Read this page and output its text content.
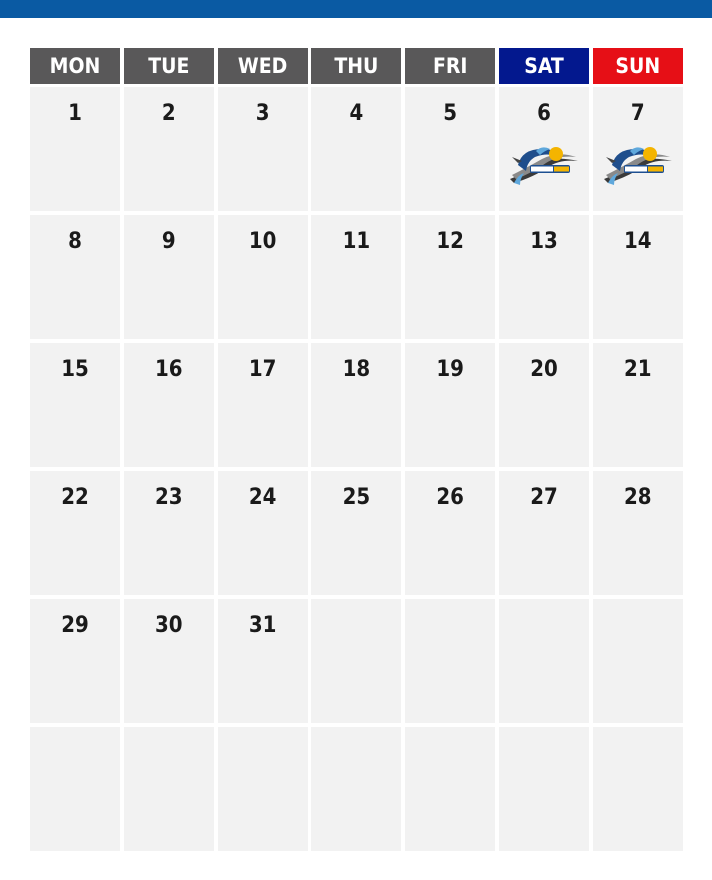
MON	TUE	WED	THU	FRI	SAT	SUN
1	2	3	4	5	6	7
8	9	10	11	12	13	14
15	16	17	18	19	20	21
22	23	24	25	26	27	28
29	30	31
